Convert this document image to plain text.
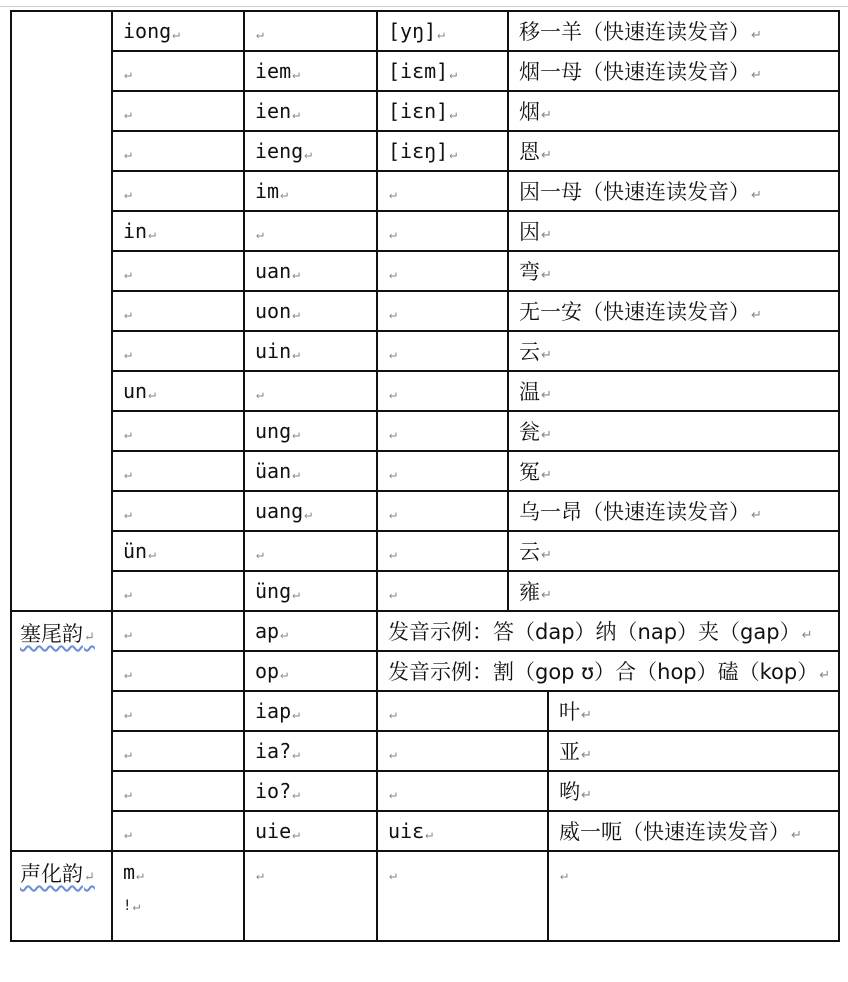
	iong ↵	↵	[yŋ] ↵	移一羊（快速连读发音） ↵
↵	iem ↵	[iɛm] ↵	烟一母（快速连读发音） ↵
↵	ien ↵	[iɛn] ↵	烟 ↵
↵	ieng ↵	[iɛŋ] ↵	恩 ↵
↵	im ↵	↵	因一母（快速连读发音） ↵
	in ↵	↵	↵	因 ↵
↵	uan ↵	↵	弯 ↵
↵	uon ↵	↵	无一安（快速连读发音） ↵
↵	uin ↵	↵	云 ↵
	un ↵	↵	↵	温 ↵
↵	ung ↵	↵	瓮 ↵
↵	üan ↵	↵	冤 ↵
↵	uang ↵	↵	乌一昂（快速连读发音） ↵
	ün ↵	↵	↵	云 ↵
↵	üng ↵	↵	雍 ↵
塞尾韵 ↵	↵	ap ↵	发音示例：答（dap）纳（nap）夹（gap） ↵
↵	op ↵	发音示例：割（gop ʊ）合（hop）磕（kop） ↵
↵	iap ↵	↵		叶 ↵
↵	ia? ↵	↵		亚 ↵
↵	io? ↵	↵		哟 ↵
↵	uie ↵	uiɛ ↵		威一呃（快速连读发音） ↵
声化韵 ↵	m ↵
! ↵
	↵	↵	↵
